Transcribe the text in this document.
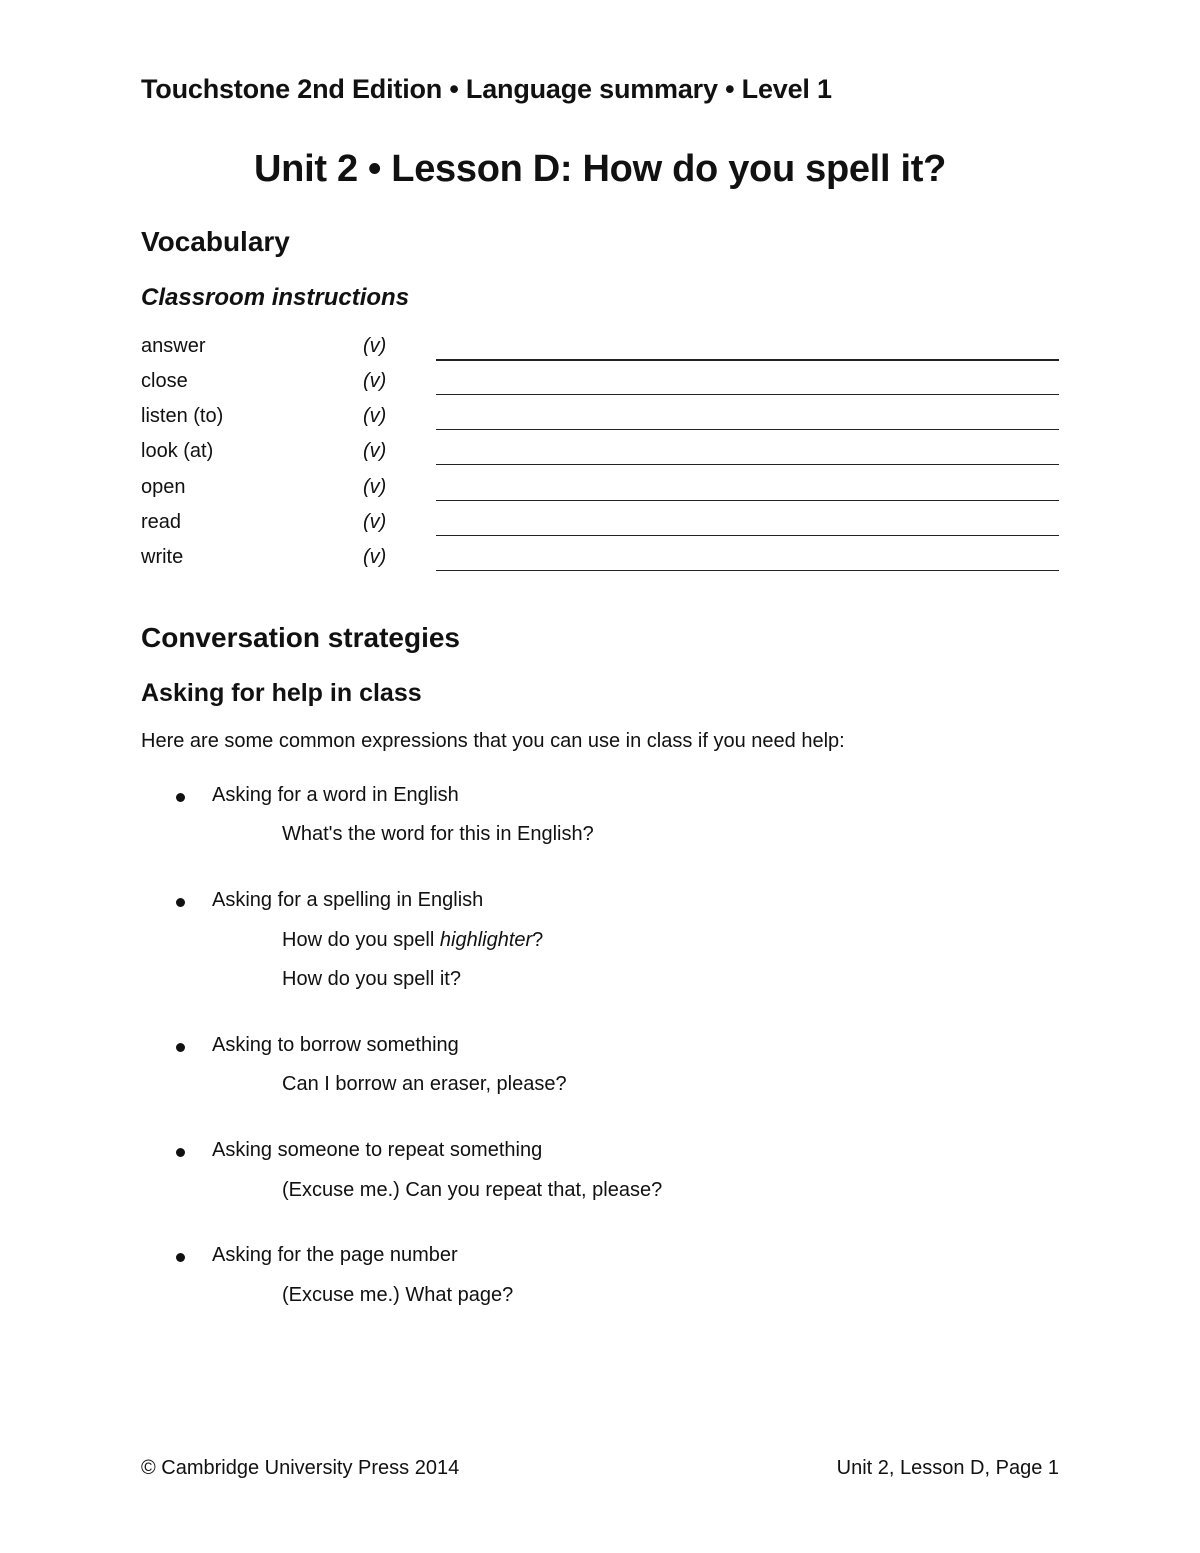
Touchstone 2nd Edition • Language summary • Level 1
Unit 2 • Lesson D: How do you spell it?
Vocabulary
Classroom instructions
answer	(v)
close	(v)
listen (to)	(v)
look (at)	(v)
open	(v)
read	(v)
write	(v)
Conversation strategies
Asking for help in class
Here are some common expressions that you can use in class if you need help:
Asking for a word in English
What's the word for this in English?
Asking for a spelling in English
How do you spell highlighter?
How do you spell it?
Asking to borrow something
Can I borrow an eraser, please?
Asking someone to repeat something
(Excuse me.) Can you repeat that, please?
Asking for the page number
(Excuse me.) What page?
© Cambridge University Press 2014	Unit 2, Lesson D, Page 1
